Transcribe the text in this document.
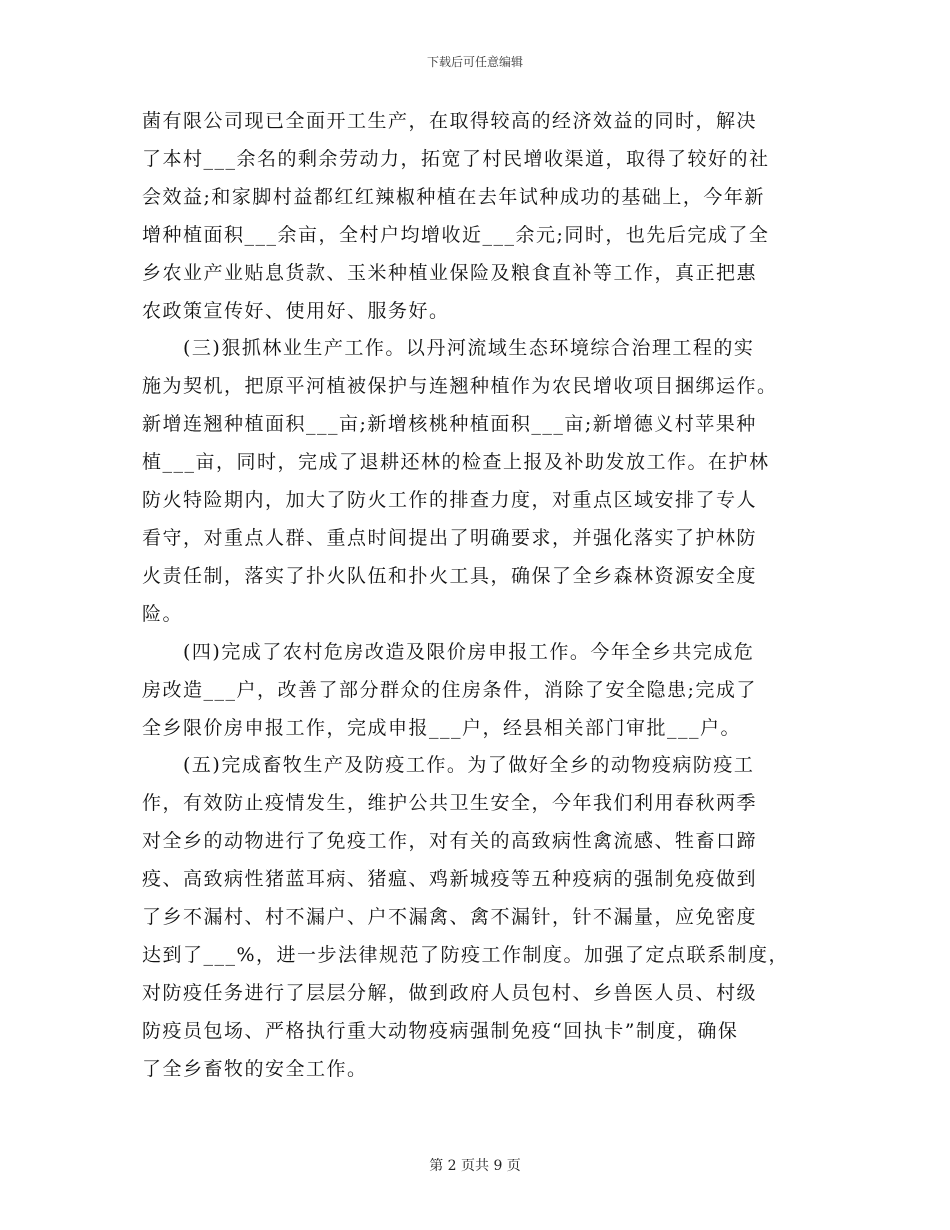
下载后可任意编辑

菌有限公司现已全面开工生产，在取得较高的经济效益的同时，解决
了本村___余名的剩余劳动力，拓宽了村民增收渠道，取得了较好的社
会效益;和家脚村益都红红辣椒种植在去年试种成功的基础上，今年新
增种植面积___余亩，全村户均增收近___余元;同时，也先后完成了全
乡农业产业贴息货款、玉米种植业保险及粮食直补等工作，真正把惠
农政策宣传好、使用好、服务好。

　　(三)狠抓林业生产工作。以丹河流域生态环境综合治理工程的实
施为契机，把原平河植被保护与连翘种植作为农民增收项目捆绑运作。
新增连翘种植面积___亩;新增核桃种植面积___亩;新增德义村苹果种
植___亩，同时，完成了退耕还林的检查上报及补助发放工作。在护林
防火特险期内，加大了防火工作的排查力度，对重点区域安排了专人
看守，对重点人群、重点时间提出了明确要求，并强化落实了护林防
火责任制，落实了扑火队伍和扑火工具，确保了全乡森林资源安全度
险。

　　(四)完成了农村危房改造及限价房申报工作。今年全乡共完成危
房改造___户，改善了部分群众的住房条件，消除了安全隐患;完成了
全乡限价房申报工作，完成申报___户，经县相关部门审批___户。

　　(五)完成畜牧生产及防疫工作。为了做好全乡的动物疫病防疫工
作，有效防止疫情发生，维护公共卫生安全，今年我们利用春秋两季
对全乡的动物进行了免疫工作，对有关的高致病性禽流感、牲畜口蹄
疫、高致病性猪蓝耳病、猪瘟、鸡新城疫等五种疫病的强制免疫做到
了乡不漏村、村不漏户、户不漏禽、禽不漏针，针不漏量，应免密度
达到了___%，进一步法律规范了防疫工作制度。加强了定点联系制度，
对防疫任务进行了层层分解，做到政府人员包村、乡兽医人员、村级
防疫员包场、严格执行重大动物疫病强制免疫“回执卡”制度，确保
了全乡畜牧的安全工作。

第 2 页共 9 页
